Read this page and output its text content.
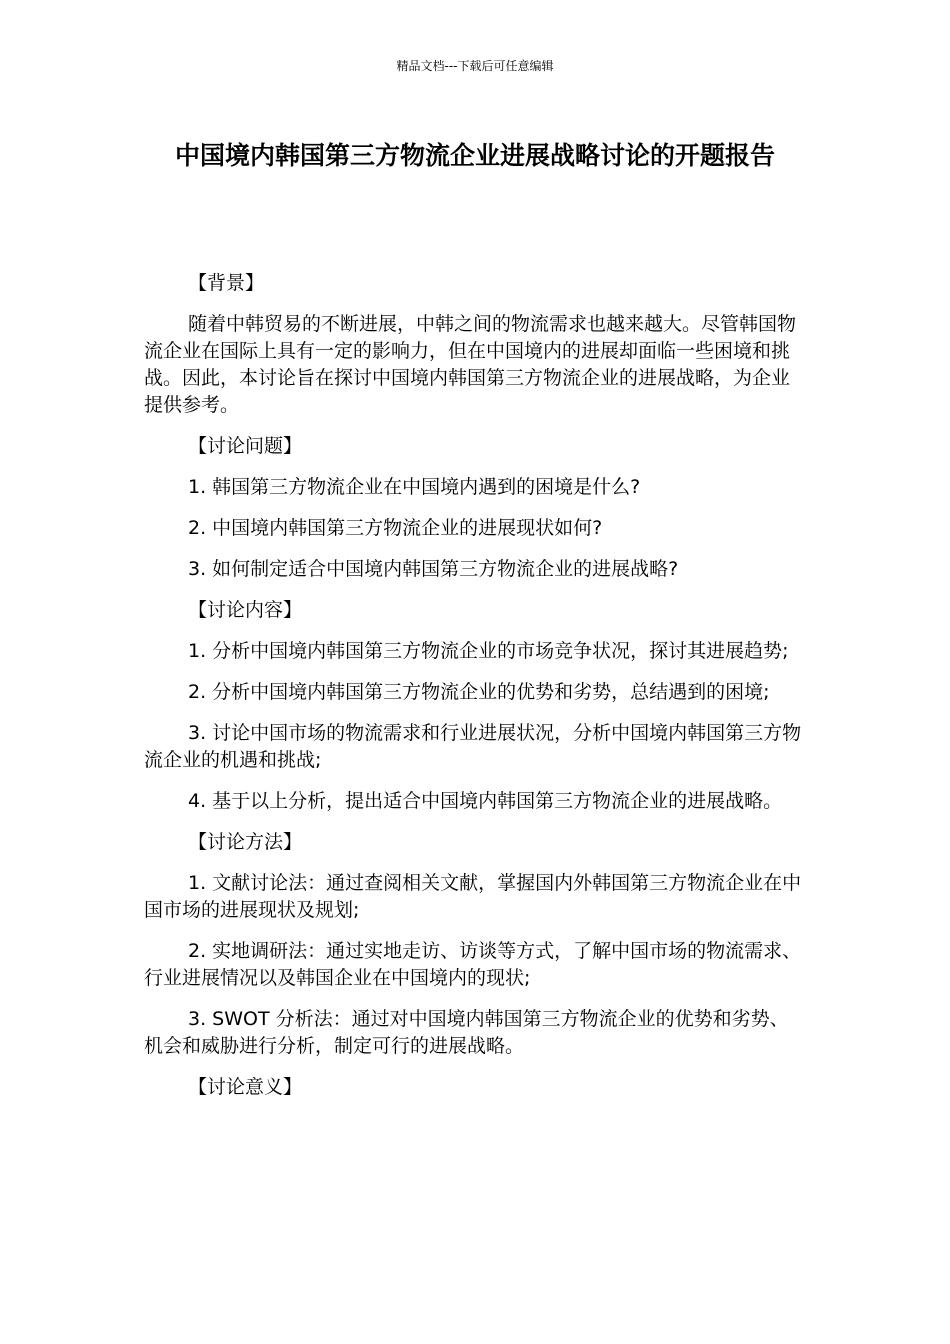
精品文档---下载后可任意编辑
中国境内韩国第三方物流企业进展战略讨论的开题报告

【背景】

随着中韩贸易的不断进展，中韩之间的物流需求也越来越大。尽管韩国物流企业在国际上具有一定的影响力，但在中国境内的进展却面临一些困境和挑战。因此，本讨论旨在探讨中国境内韩国第三方物流企业的进展战略，为企业提供参考。

【讨论问题】

1. 韩国第三方物流企业在中国境内遇到的困境是什么?

2. 中国境内韩国第三方物流企业的进展现状如何?

3. 如何制定适合中国境内韩国第三方物流企业的进展战略?

【讨论内容】

1. 分析中国境内韩国第三方物流企业的市场竞争状况，探讨其进展趋势;

2. 分析中国境内韩国第三方物流企业的优势和劣势，总结遇到的困境;

3. 讨论中国市场的物流需求和行业进展状况，分析中国境内韩国第三方物流企业的机遇和挑战;

4. 基于以上分析，提出适合中国境内韩国第三方物流企业的进展战略。

【讨论方法】

1. 文献讨论法：通过查阅相关文献，掌握国内外韩国第三方物流企业在中国市场的进展现状及规划;

2. 实地调研法：通过实地走访、访谈等方式，了解中国市场的物流需求、行业进展情况以及韩国企业在中国境内的现状;

3. SWOT 分析法：通过对中国境内韩国第三方物流企业的优势和劣势、机会和威胁进行分析，制定可行的进展战略。

【讨论意义】
